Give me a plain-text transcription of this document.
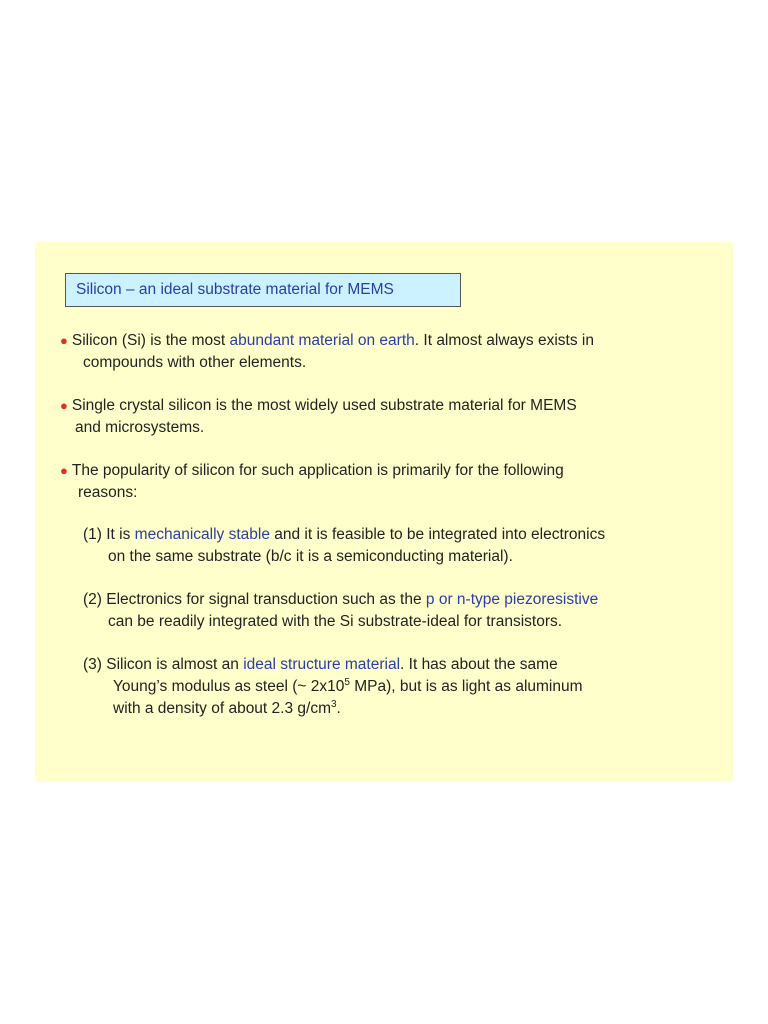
Silicon – an ideal substrate material for MEMS
● Silicon (Si) is the most abundant material on earth. It almost always exists in
compounds with other elements.
● Single crystal silicon is the most widely used substrate material for MEMS
and microsystems.
● The popularity of silicon for such application is primarily for the following
reasons:
(1) It is mechanically stable and it is feasible to be integrated into electronics
on the same substrate (b/c it is a semiconducting material).
(2) Electronics for signal transduction such as the p or n-type piezoresistive
can be readily integrated with the Si substrate-ideal for transistors.
(3) Silicon is almost an ideal structure material. It has about the same
Young’s modulus as steel (~ $2x10^5$ MPa), but is as light as aluminum
with a density of about 2.3 $g/cm^3$.
